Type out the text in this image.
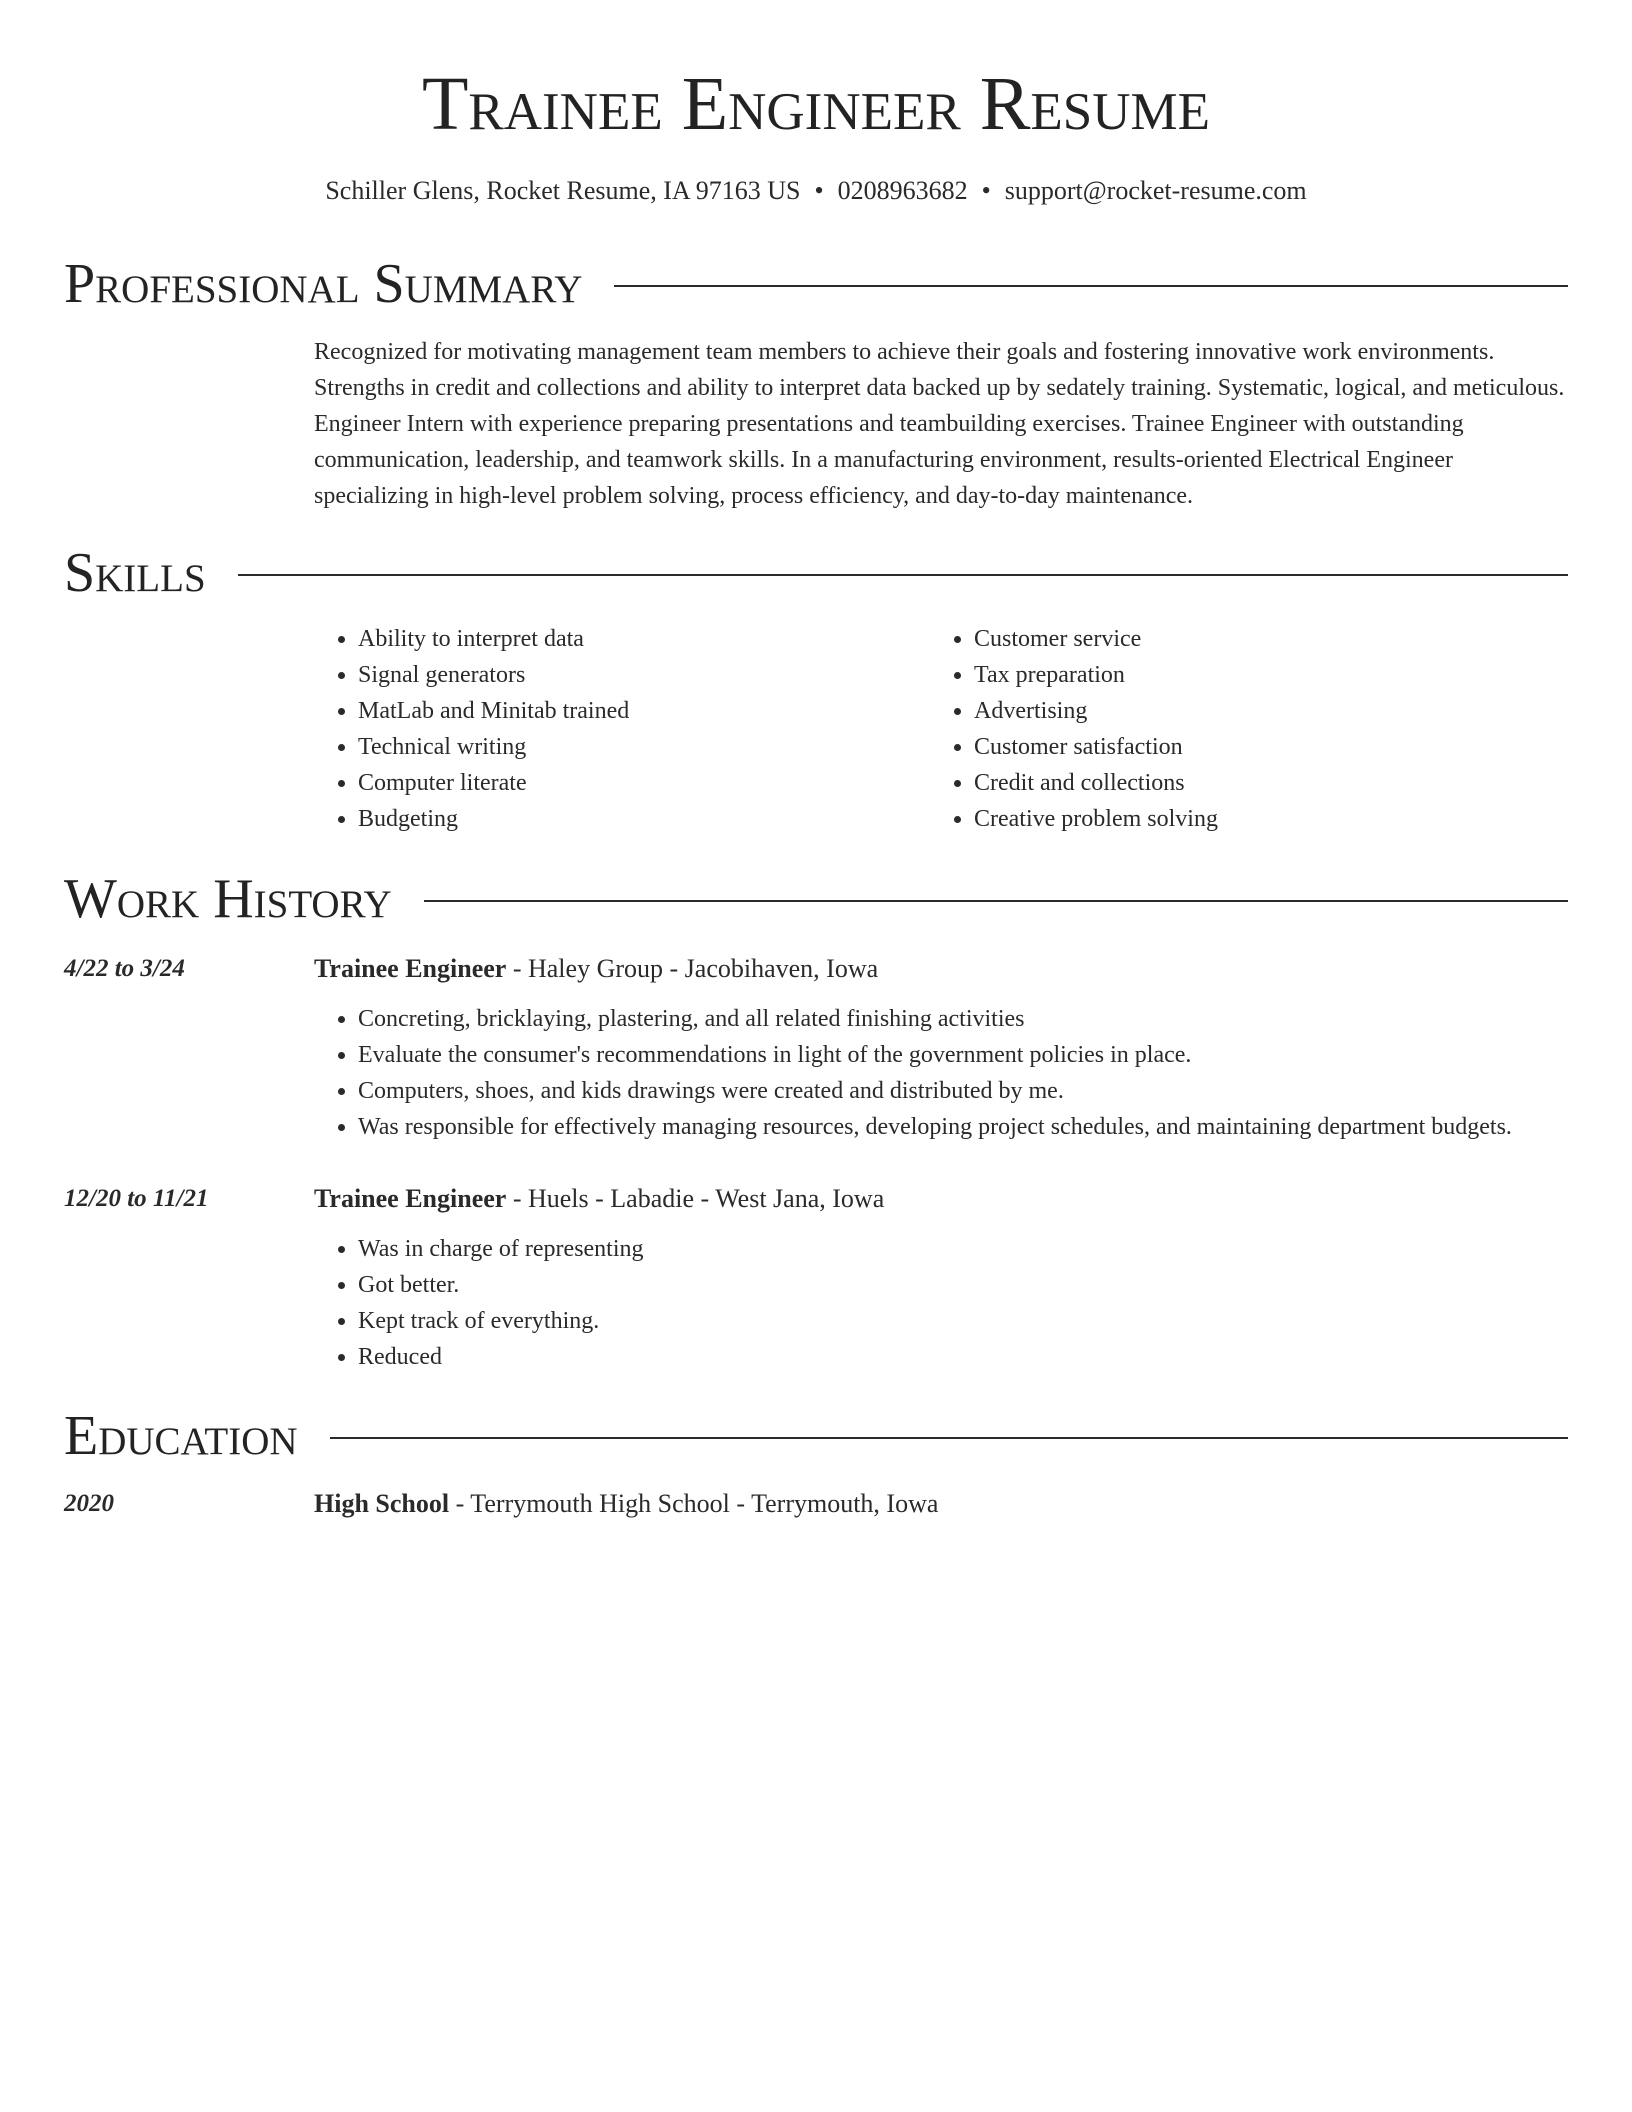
Trainee Engineer Resume
Schiller Glens, Rocket Resume, IA 97163 US • 0208963682 • support@rocket-resume.com
Professional Summary

Recognized for motivating management team members to achieve their goals and fostering innovative work environments. Strengths in credit and collections and ability to interpret data backed up by sedately training. Systematic, logical, and meticulous. Engineer Intern with experience preparing presentations and teambuilding exercises. Trainee Engineer with outstanding communication, leadership, and teamwork skills. In a manufacturing environment, results-oriented Electrical Engineer specializing in high-level problem solving, process efficiency, and day-to-day maintenance.

Skills
• Ability to interpret data
• Signal generators
• MatLab and Minitab trained
• Technical writing
• Computer literate
• Budgeting
• Customer service
• Tax preparation
• Advertising
• Customer satisfaction
• Credit and collections
• Creative problem solving
Work History
4/22 to 3/24	Trainee Engineer - Haley Group - Jacobihaven, Iowa

• Concreting, bricklaying, plastering, and all related finishing activities
• Evaluate the consumer's recommendations in light of the government policies in place.
• Computers, shoes, and kids drawings were created and distributed by me.
• Was responsible for effectively managing resources, developing project schedules, and maintaining department budgets.
12/20 to 11/21	Trainee Engineer - Huels - Labadie - West Jana, Iowa

• Was in charge of representing
• Got better.
• Kept track of everything.
• Reduced
Education
2020	High School - Terrymouth High School - Terrymouth, Iowa
